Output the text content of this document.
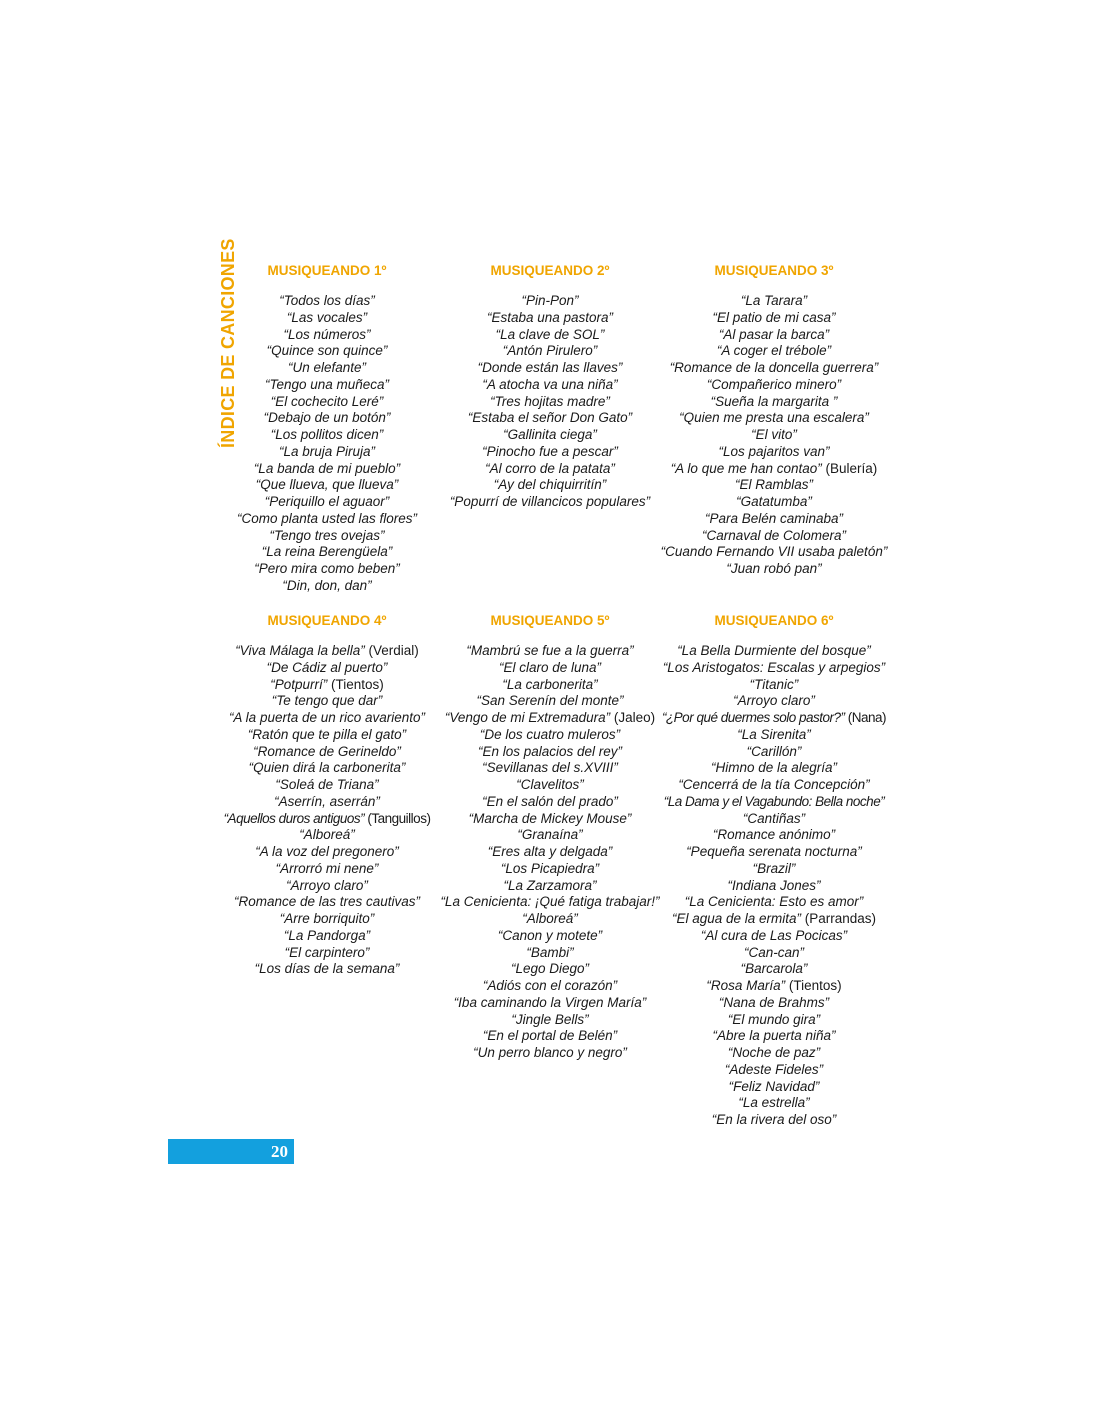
ÍNDICE DE CANCIONES	MUSIQUEANDO 1º
“Todos los días”
“Las vocales”
“Los números”
“Quince son quince”
“Un elefante”
“Tengo una muñeca”
“El cochecito Leré”
“Debajo de un botón”
“Los pollitos dicen”
“La bruja Piruja”
“La banda de mi pueblo”
“Que llueva, que llueva”
“Periquillo el aguaor”
“Como planta usted las flores”
“Tengo tres ovejas”
“La reina Berengüela”
“Pero mira como beben”
“Din, don, dan”
MUSIQUEANDO 2º
“Pin-Pon”
“Estaba una pastora”
“La clave de SOL”
“Antón Pirulero”
“Donde están las llaves”
“A atocha va una niña”
“Tres hojitas madre”
“Estaba el señor Don Gato”
“Gallinita ciega”
“Pinocho fue a pescar”
“Al corro de la patata”
“Ay del chiquirritín”
“Popurrí de villancicos populares”
MUSIQUEANDO 3º
“La Tarara”
“El patio de mi casa”
“Al pasar la barca”
“A coger el trébole”
“Romance de la doncella guerrera”
“Compañerico minero”
“Sueña la margarita ”
“Quien me presta una escalera”
“El vito”
“Los pajaritos van”
“A lo que me han contao” (Bulería)
“El Ramblas”
“Gatatumba”
“Para Belén caminaba”
“Carnaval de Colomera”
“Cuando Fernando VII usaba paletón”
“Juan robó pan”
MUSIQUEANDO 4º
“Viva Málaga la bella” (Verdial)
“De Cádiz al puerto”
“Potpurrí” (Tientos)
“Te tengo que dar”
“A la puerta de un rico avariento”
“Ratón que te pilla el gato”
“Romance de Gerineldo”
“Quien dirá la carbonerita”
“Soleá de Triana”
“Aserrín, aserrán”
“Aquellos duros antiguos” (Tanguillos)
“Alboreá”
“A la voz del pregonero”
“Arrorró mi nene”
“Arroyo claro”
“Romance de las tres cautivas”
“Arre borriquito”
“La Pandorga”
“El carpintero”
“Los días de la semana”
MUSIQUEANDO 5º
“Mambrú se fue a la guerra”
“El claro de luna”
“La carbonerita”
“San Serenín del monte”
“Vengo de mi Extremadura” (Jaleo)
“De los cuatro muleros”
“En los palacios del rey”
“Sevillanas del s.XVIII”
“Clavelitos”
“En el salón del prado”
“Marcha de Mickey Mouse”
“Granaína”
“Eres alta y delgada”
“Los Picapiedra”
“La Zarzamora”
“La Cenicienta: ¡Qué fatiga trabajar!”
“Alboreá”
“Canon y motete”
“Bambi”
“Lego Diego”
“Adiós con el corazón”
“Iba caminando la Virgen María”
“Jingle Bells”
“En el portal de Belén”
“Un perro blanco y negro”
MUSIQUEANDO 6º
“La Bella Durmiente del bosque”
“Los Aristogatos: Escalas y arpegios”
“Titanic”
“Arroyo claro”
“¿Por qué duermes solo pastor?” (Nana)
“La Sirenita”
“Carillón”
“Himno de la alegría”
“Cencerrá de la tía Concepción”
“La Dama y el Vagabundo: Bella noche”
“Cantiñas”
“Romance anónimo”
“Pequeña serenata nocturna”
“Brazil”
“Indiana Jones”
“La Cenicienta: Esto es amor”
“El agua de la ermita” (Parrandas)
“Al cura de Las Pocicas”
“Can-can”
“Barcarola”
“Rosa María” (Tientos)
“Nana de Brahms”
“El mundo gira”
“Abre la puerta niña”
“Noche de paz”
“Adeste Fideles”
“Feliz Navidad”
“La estrella”
“En la rivera del oso”
20
